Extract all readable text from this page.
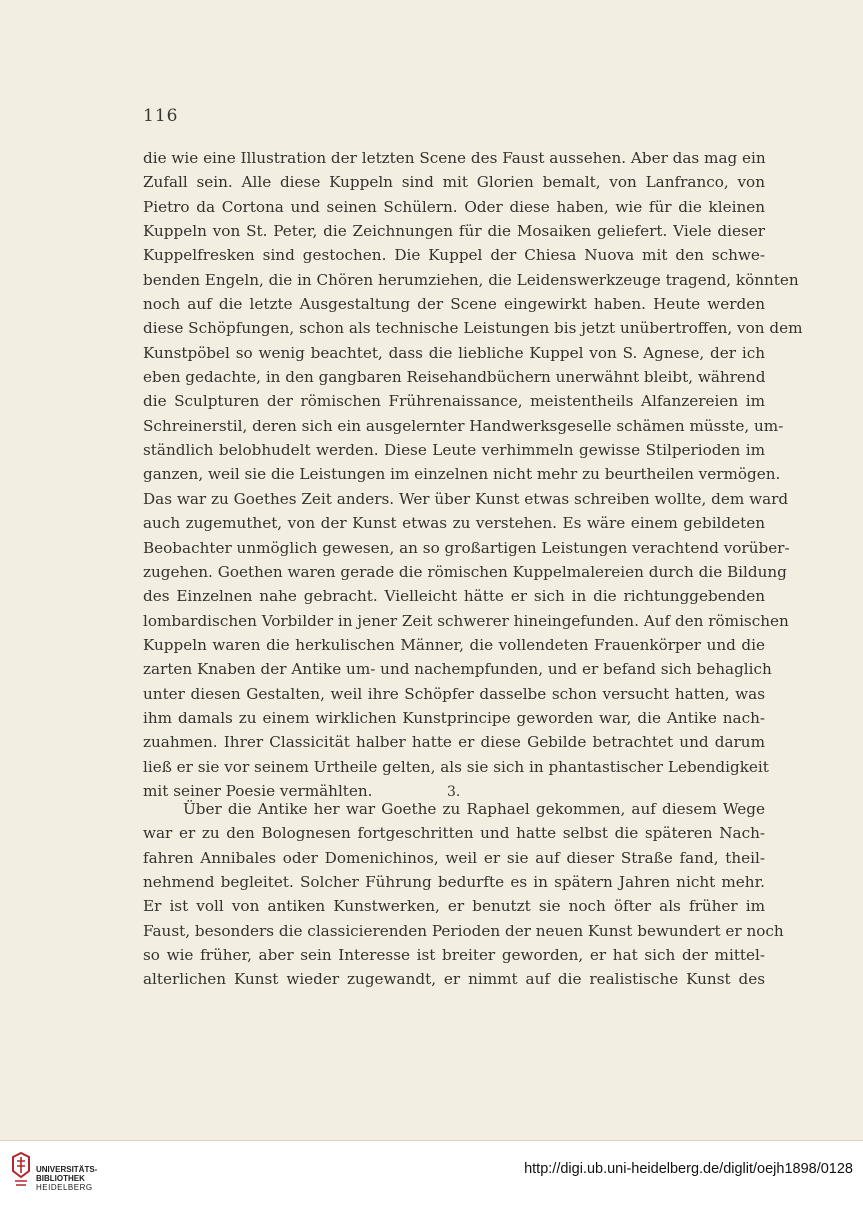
116
die wie eine Illustration der letzten Scene des Faust aussehen. Aber das mag ein
Zufall sein. Alle diese Kuppeln sind mit Glorien bemalt, von Lanfranco, von
Pietro da Cortona und seinen Schülern. Oder diese haben, wie für die kleinen
Kuppeln von St. Peter, die Zeichnungen für die Mosaiken geliefert. Viele dieser
Kuppelfresken sind gestochen. Die Kuppel der Chiesa Nuova mit den schwe-
benden Engeln, die in Chören herumziehen, die Leidenswerkzeuge tragend, könnten
noch auf die letzte Ausgestaltung der Scene eingewirkt haben. Heute werden
diese Schöpfungen, schon als technische Leistungen bis jetzt unübertroffen, von dem
Kunstpöbel so wenig beachtet, dass die liebliche Kuppel von S. Agnese, der ich
eben gedachte, in den gangbaren Reisehandbüchern unerwähnt bleibt, während
die Sculpturen der römischen Frührenaissance, meistentheils Alfanzereien im
Schreinerstil, deren sich ein ausgelernter Handwerksgeselle schämen müsste, um-
ständlich belobhudelt werden. Diese Leute verhimmeln gewisse Stilperioden im
ganzen, weil sie die Leistungen im einzelnen nicht mehr zu beurtheilen vermögen.
Das war zu Goethes Zeit anders. Wer über Kunst etwas schreiben wollte, dem ward
auch zugemuthet, von der Kunst etwas zu verstehen. Es wäre einem gebildeten
Beobachter unmöglich gewesen, an so großartigen Leistungen verachtend vorüber-
zugehen. Goethen waren gerade die römischen Kuppelmalereien durch die Bildung
des Einzelnen nahe gebracht. Vielleicht hätte er sich in die richtunggebenden
lombardischen Vorbilder in jener Zeit schwerer hineingefunden. Auf den römischen
Kuppeln waren die herkulischen Männer, die vollendeten Frauenkörper und die
zarten Knaben der Antike um- und nachempfunden, und er befand sich behaglich
unter diesen Gestalten, weil ihre Schöpfer dasselbe schon versucht hatten, was
ihm damals zu einem wirklichen Kunstprincipe geworden war, die Antike nach-
zuahmen. Ihrer Classicität halber hatte er diese Gebilde betrachtet und darum
ließ er sie vor seinem Urtheile gelten, als sie sich in phantastischer Lebendigkeit
mit seiner Poesie vermählten.	3.
Über die Antike her war Goethe zu Raphael gekommen, auf diesem Wege
war er zu den Bolognesen fortgeschritten und hatte selbst die späteren Nach-
fahren Annibales oder Domenichinos, weil er sie auf dieser Straße fand, theil-
nehmend begleitet. Solcher Führung bedurfte es in spätern Jahren nicht mehr.
Er ist voll von antiken Kunstwerken, er benutzt sie noch öfter als früher im
Faust, besonders die classicierenden Perioden der neuen Kunst bewundert er noch
so wie früher, aber sein Interesse ist breiter geworden, er hat sich der mittel-
alterlichen Kunst wieder zugewandt, er nimmt auf die realistische Kunst des
UNIVERSITÄTS-
BIBLIOTHEK
HEIDELBERG
http://digi.ub.uni-heidelberg.de/diglit/oejh1898/0128
